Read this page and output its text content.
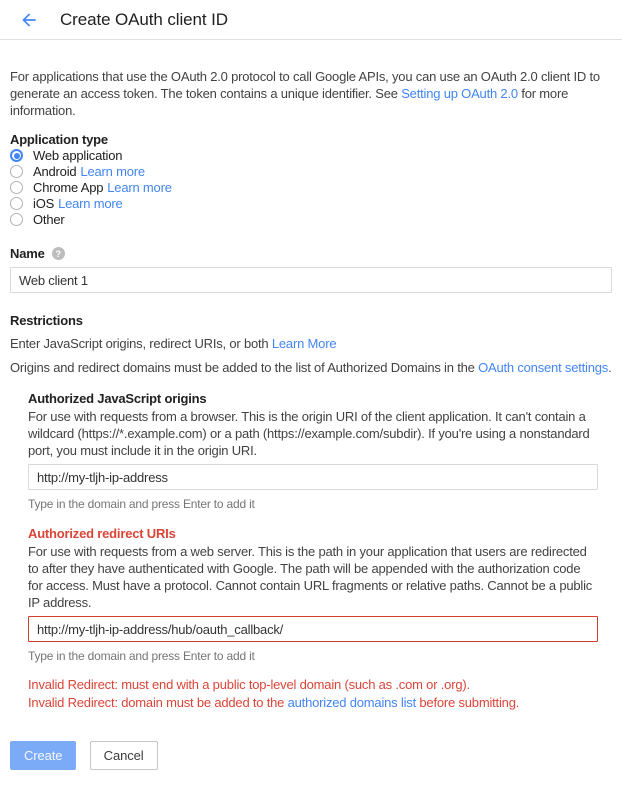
Create OAuth client ID

For applications that use the OAuth 2.0 protocol to call Google APIs, you can use an OAuth 2.0 client ID to generate an access token. The token contains a unique identifier. See Setting up OAuth 2.0 for more information.

Application type
Web application
Android Learn more
Chrome App Learn more
iOS Learn more
Other
Name	?
Web client 1
Restrictions
Enter JavaScript origins, redirect URIs, or both Learn More
Origins and redirect domains must be added to the list of Authorized Domains in the OAuth consent settings.
Authorized JavaScript origins
For use with requests from a browser. This is the origin URI of the client application. It can't contain a wildcard (https://*.example.com) or a path (https://example.com/subdir). If you're using a nonstandard port, you must include it in the origin URI.
http://my-tljh-ip-address
Type in the domain and press Enter to add it
Authorized redirect URIs
For use with requests from a web server. This is the path in your application that users are redirected to after they have authenticated with Google. The path will be appended with the authorization code for access. Must have a protocol. Cannot contain URL fragments or relative paths. Cannot be a public IP address.
http://my-tljh-ip-address/hub/oauth_callback/
Type in the domain and press Enter to add it
Invalid Redirect: must end with a public top-level domain (such as .com or .org).
Invalid Redirect: domain must be added to the authorized domains list before submitting.
Create	Cancel
